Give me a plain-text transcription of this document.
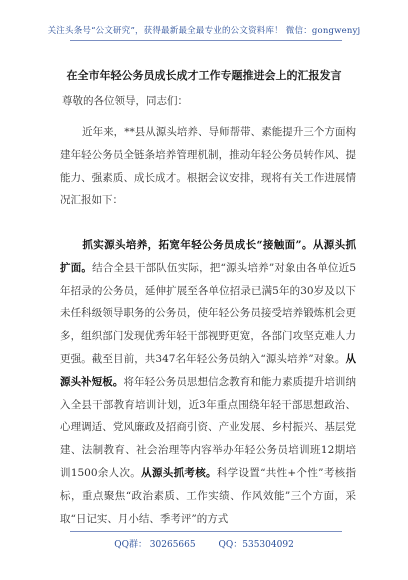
关注头条号“公文研究”，获得最新最全最专业的公文资料库！ 微信：gongwenyj
在全市年轻公务员成长成才工作专题推进会上的汇报发言
尊敬的各位领导，同志们：

近年来，**县从源头培养、导师帮带、素能提升三个方面构建年轻公务员全链条培养管理机制，推动年轻公务员转作风、提能力、强素质、成长成才。根据会议安排，现将有关工作进展情况汇报如下：

抓实源头培养，拓宽年轻公务员成长“接触面”。从源头抓扩面。结合全县干部队伍实际，把“源头培养”对象由各单位近5年招录的公务员，延伸扩展至各单位招录已满5年的30岁及以下未任科级领导职务的公务员，使年轻公务员接受培养锻炼机会更多，组织部门发现优秀年轻干部视野更宽，各部门攻坚克难人力更强。截至目前，共347名年轻公务员纳入“源头培养”对象。从源头补短板。将年轻公务员思想信念教育和能力素质提升培训纳入全县干部教育培训计划，近3年重点围绕年轻干部思想政治、心理调适、党风廉政及招商引资、产业发展、乡村振兴、基层党建、法制教育、社会治理等内容举办年轻公务员培训班12期培训1500余人次。从源头抓考核。科学设置“共性+个性”考核指标，重点聚焦“政治素质、工作实绩、作风效能”三个方面，采取“日记实、月小结、季考评”的方式

QQ群： 30265665	QQ：535304092
